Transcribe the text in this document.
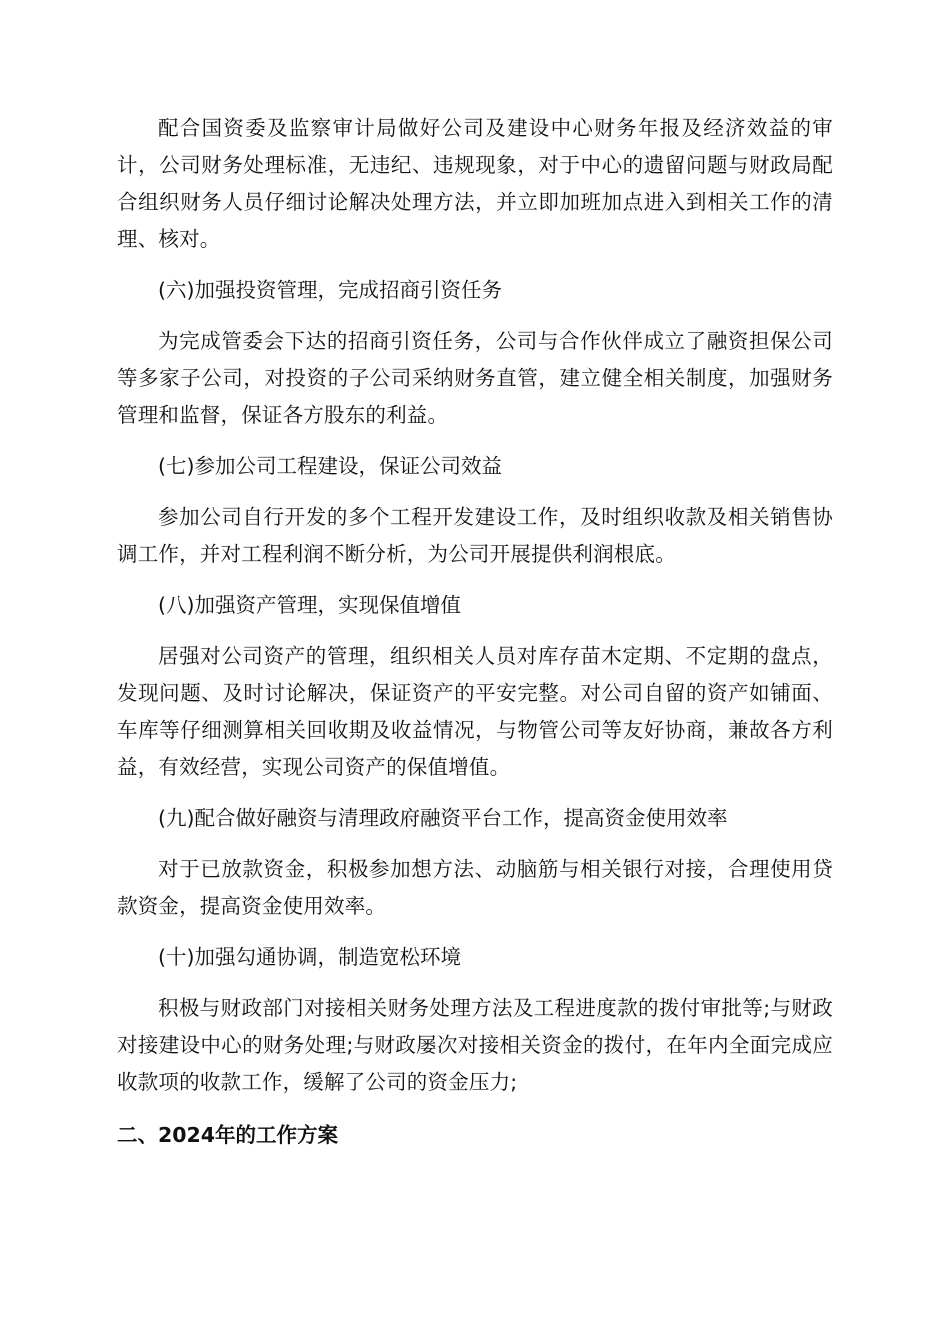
配合国资委及监察审计局做好公司及建设中心财务年报及经济效益的审计，公司财务处理标准，无违纪、违规现象，对于中心的遗留问题与财政局配合组织财务人员仔细讨论解决处理方法，并立即加班加点进入到相关工作的清理、核对。

(六)加强投资管理，完成招商引资任务

为完成管委会下达的招商引资任务，公司与合作伙伴成立了融资担保公司等多家子公司，对投资的子公司采纳财务直管，建立健全相关制度，加强财务管理和监督，保证各方股东的利益。

(七)参加公司工程建设，保证公司效益

参加公司自行开发的多个工程开发建设工作，及时组织收款及相关销售协调工作，并对工程利润不断分析，为公司开展提供利润根底。

(八)加强资产管理，实现保值增值

居强对公司资产的管理，组织相关人员对库存苗木定期、不定期的盘点，发现问题、及时讨论解决，保证资产的平安完整。对公司自留的资产如铺面、车库等仔细测算相关回收期及收益情况，与物管公司等友好协商，兼故各方利益，有效经营，实现公司资产的保值增值。

(九)配合做好融资与清理政府融资平台工作，提高资金使用效率

对于已放款资金，积极参加想方法、动脑筋与相关银行对接，合理使用贷款资金，提高资金使用效率。

(十)加强勾通协调，制造宽松环境

积极与财政部门对接相关财务处理方法及工程进度款的拨付审批等;与财政对接建设中心的财务处理;与财政屡次对接相关资金的拨付，在年内全面完成应收款项的收款工作，缓解了公司的资金压力;

二、2024年的工作方案
